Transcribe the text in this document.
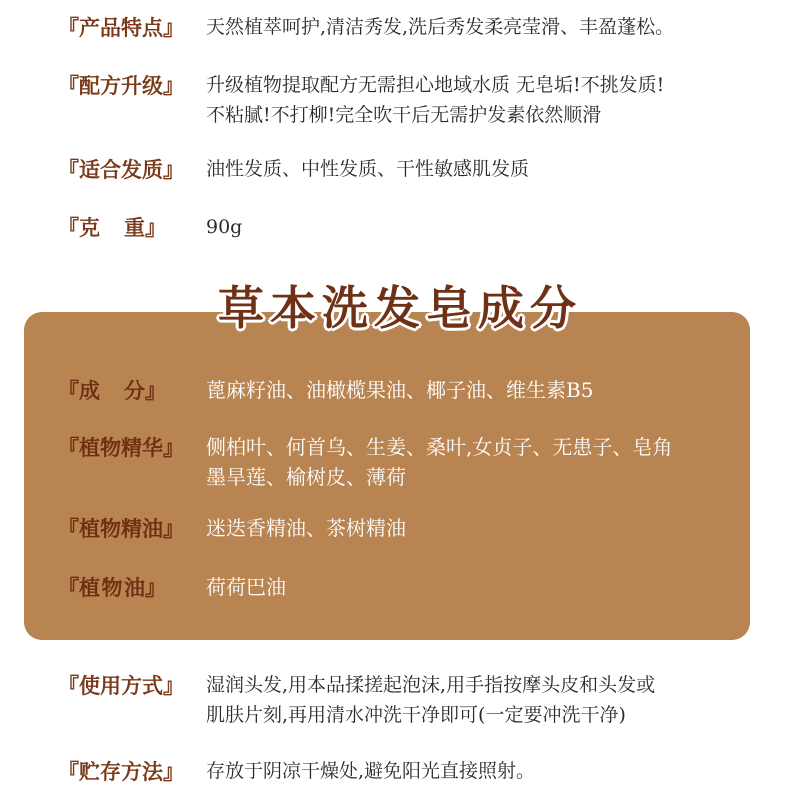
『产品特点』	天然植萃呵护,清洁秀发,洗后秀发柔亮莹滑、丰盈蓬松。
『配方升级』	升级植物提取配方无需担心地域水质 无皂垢!不挑发质!
不粘腻!不打柳!完全吹干后无需护发素依然顺滑
『适合发质』	油性发质、中性发质、干性敏感肌发质
『克 重』 90g
草本洗发皂成分
『成 分』 蓖麻籽油、油橄榄果油、椰子油、维生素B5
『植物精华』	侧柏叶、何首乌、生姜、桑叶,女贞子、无患子、皂角
墨旱莲、榆树皮、薄荷
『植物精油』	迷迭香精油、茶树精油
『植 物 油』 荷荷巴油
『使用方式』	湿润头发,用本品揉搓起泡沫,用手指按摩头皮和头发或
肌肤片刻,再用清水冲洗干净即可(一定要冲洗干净)
『贮存方法』	存放于阴凉干燥处,避免阳光直接照射。
